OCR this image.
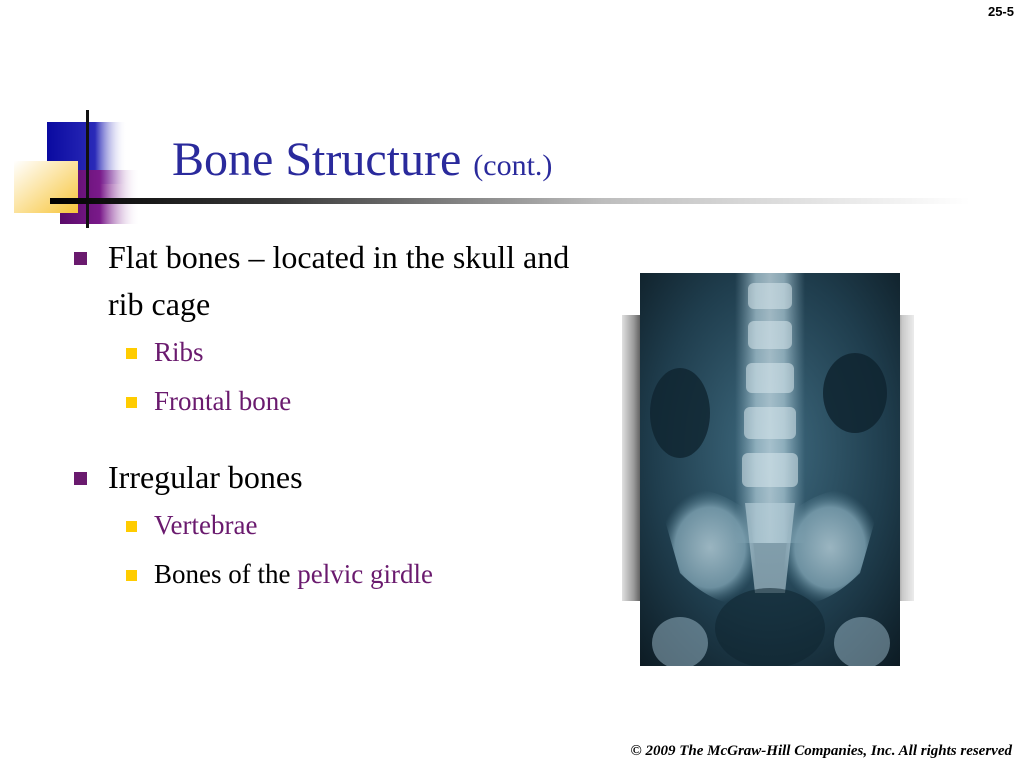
25-5
Bone Structure (cont.)
Flat bones – located in the skull and rib cage
Ribs
Frontal bone
Irregular bones
Vertebrae
Bones of the pelvic girdle
© 2009 The McGraw-Hill Companies, Inc. All rights reserved
